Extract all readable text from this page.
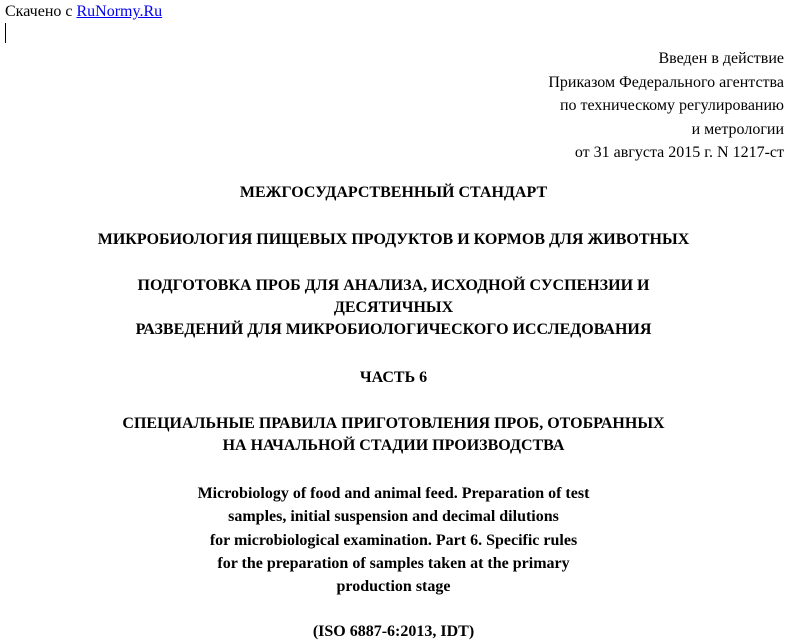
Скачено с RuNormy.Ru
Введен в действие
Приказом Федерального агентства
по техническому регулированию
и метрологии
от 31 августа 2015 г. N 1217-ст
МЕЖГОСУДАРСТВЕННЫЙ СТАНДАРТ
МИКРОБИОЛОГИЯ ПИЩЕВЫХ ПРОДУКТОВ И КОРМОВ ДЛЯ ЖИВОТНЫХ
ПОДГОТОВКА ПРОБ ДЛЯ АНАЛИЗА, ИСХОДНОЙ СУСПЕНЗИИ И
ДЕСЯТИЧНЫХ
РАЗВЕДЕНИЙ ДЛЯ МИКРОБИОЛОГИЧЕСКОГО ИССЛЕДОВАНИЯ
ЧАСТЬ 6
СПЕЦИАЛЬНЫЕ ПРАВИЛА ПРИГОТОВЛЕНИЯ ПРОБ, ОТОБРАННЫХ
НА НАЧАЛЬНОЙ СТАДИИ ПРОИЗВОДСТВА
Microbiology of food and animal feed. Preparation of test
samples, initial suspension and decimal dilutions
for microbiological examination. Part 6. Specific rules
for the preparation of samples taken at the primary
production stage
(ISO 6887-6:2013, IDT)
